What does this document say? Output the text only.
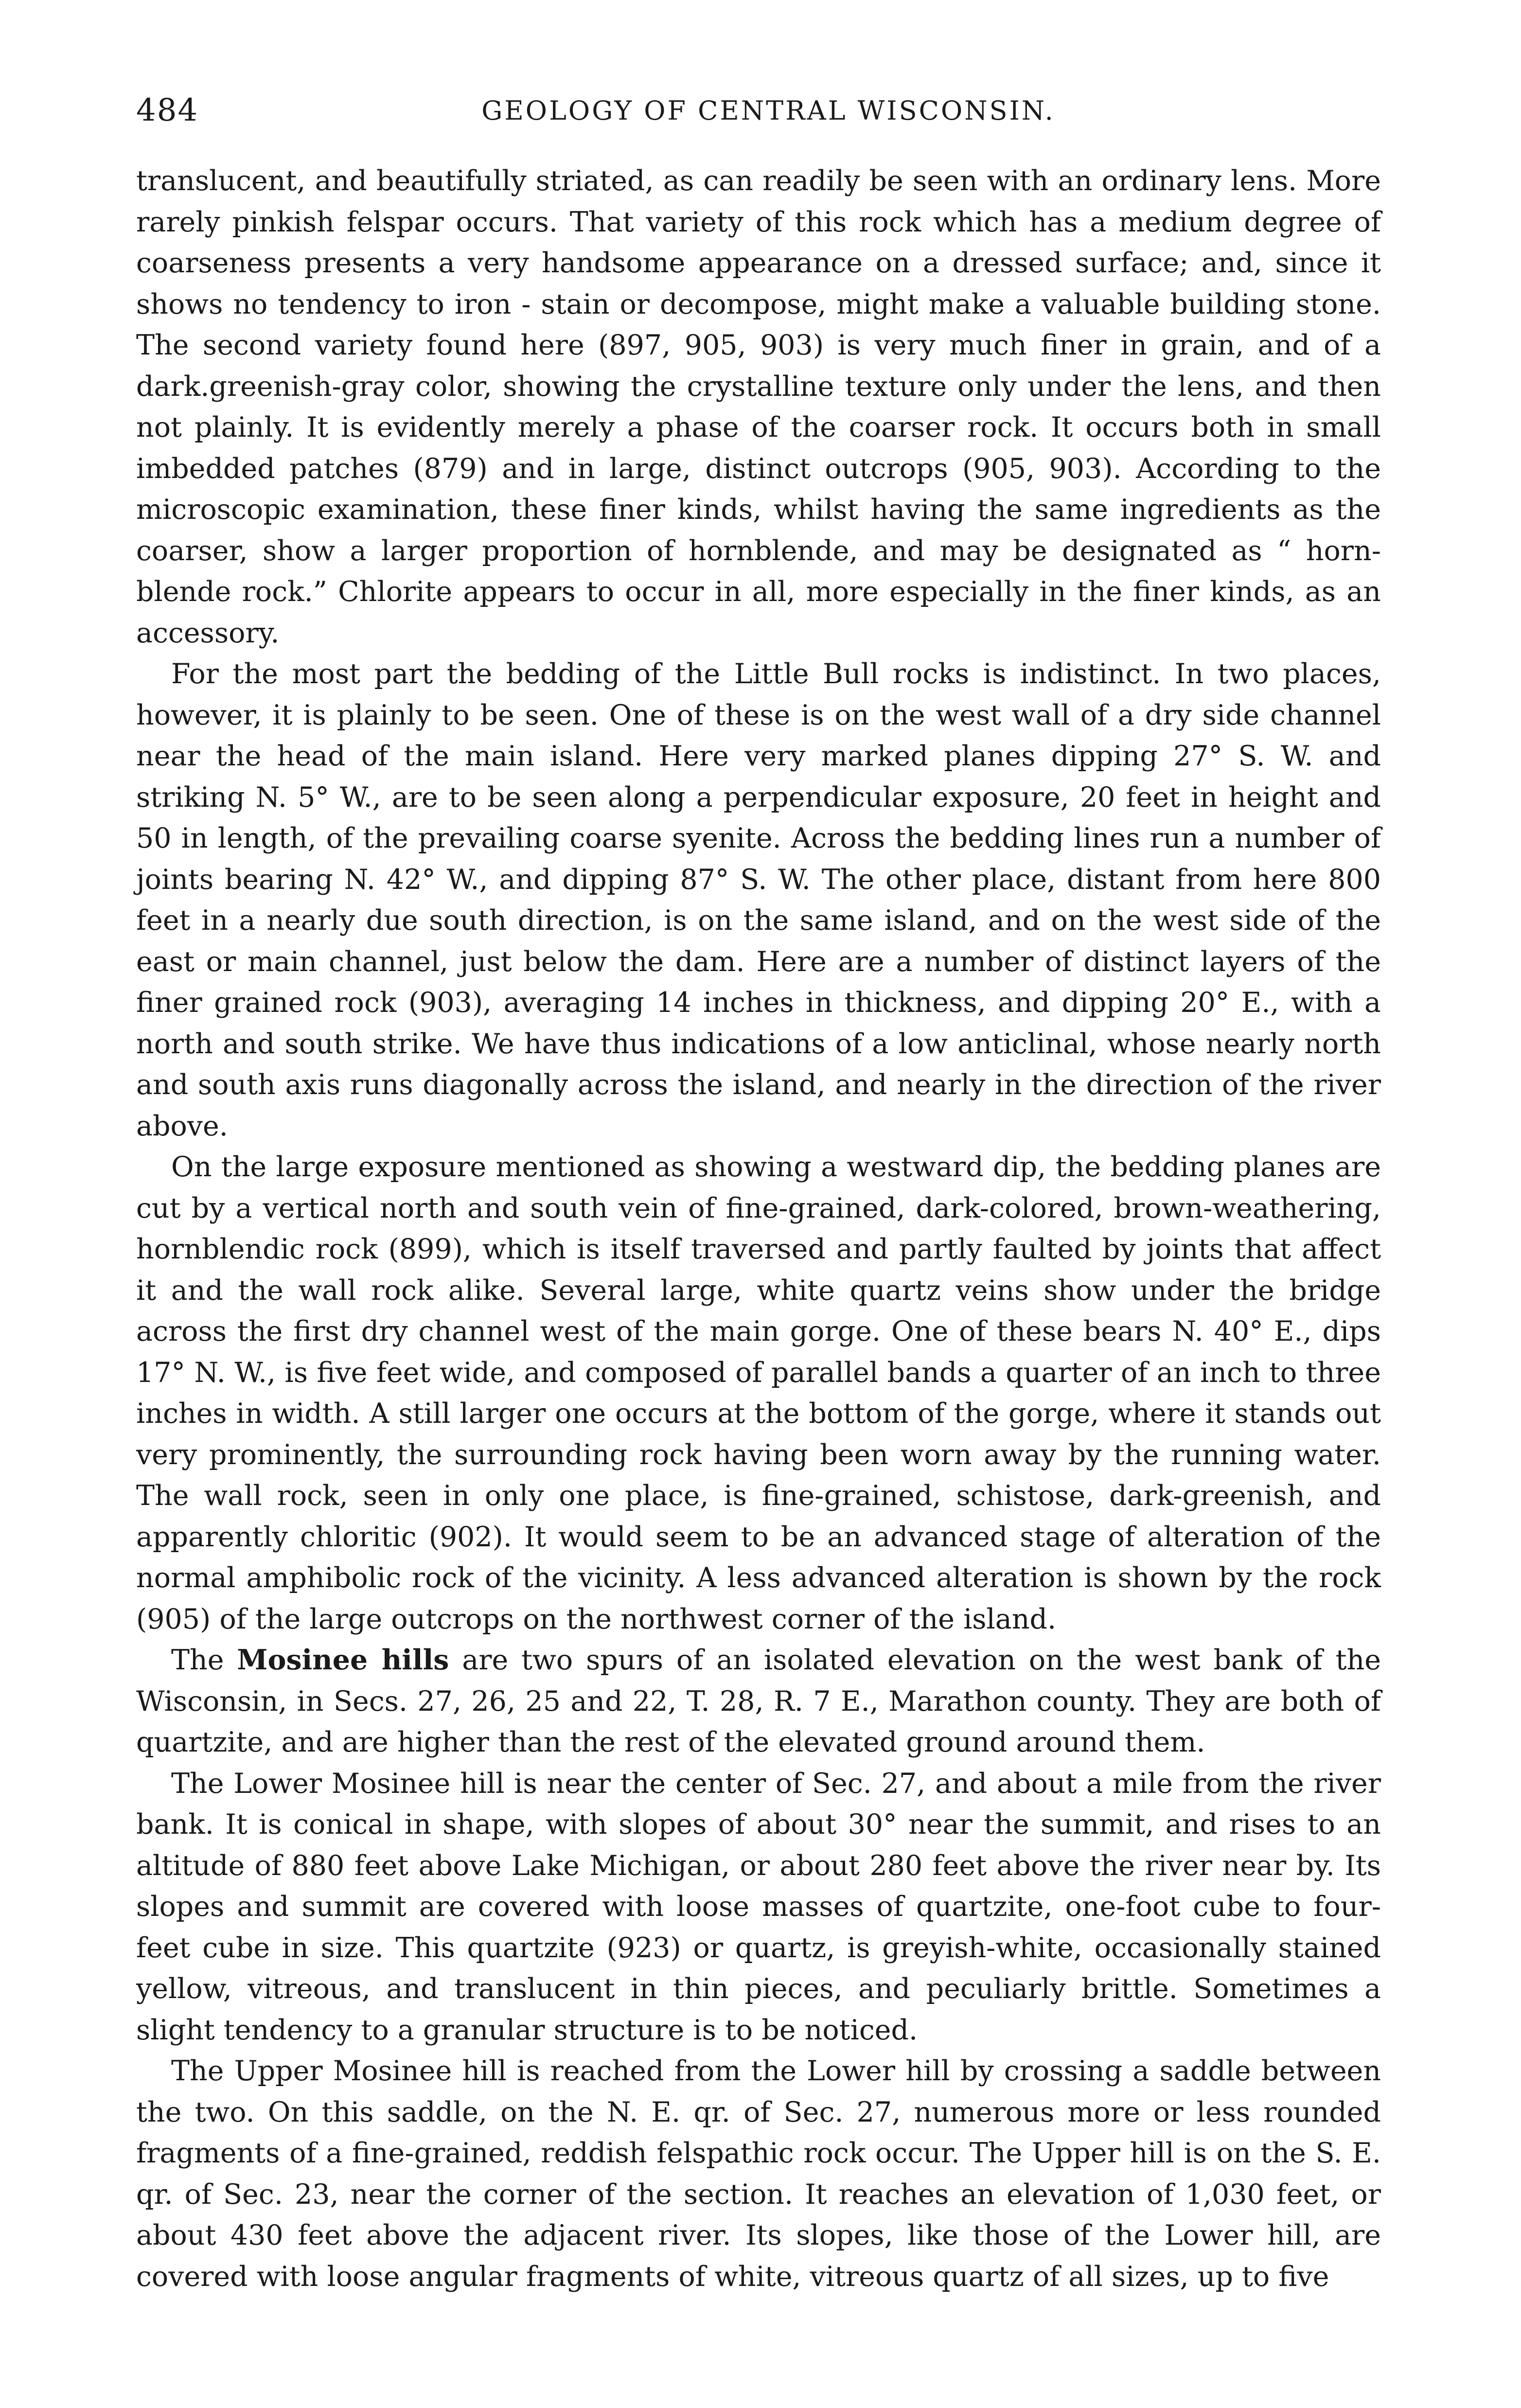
484	GEOLOGY OF CENTRAL WISCONSIN.

translucent, and beautifully striated, as can readily be seen with an ordinary lens. More rarely pinkish felspar occurs. That variety of this rock which has a medium degree of coarseness presents a very handsome appearance on a dressed surface; and, since it shows no tendency to iron - stain or decompose, might make a valuable building stone. The second variety found here (897, 905, 903) is very much finer in grain, and of a dark.greenish-gray color, showing the crystalline texture only under the lens, and then not plainly. It is evidently merely a phase of the coarser rock. It occurs both in small imbedded patches (879) and in large, distinct outcrops (905, 903). According to the microscopic examination, these finer kinds, whilst having the same ingredients as the coarser, show a larger proportion of hornblende, and may be designated as “ horn-blende rock.” Chlorite appears to occur in all, more especially in the finer kinds, as an accessory.

For the most part the bedding of the Little Bull rocks is indistinct. In two places, however, it is plainly to be seen. One of these is on the west wall of a dry side channel near the head of the main island. Here very marked planes dipping 27° S. W. and striking N. 5° W., are to be seen along a perpendicular exposure, 20 feet in height and 50 in length, of the prevailing coarse syenite. Across the bedding lines run a number of joints bearing N. 42° W., and dipping 87° S. W. The other place, distant from here 800 feet in a nearly due south direction, is on the same island, and on the west side of the east or main channel, just below the dam. Here are a number of distinct layers of the finer grained rock (903), averaging 14 inches in thickness, and dipping 20° E., with a north and south strike. We have thus indications of a low anticlinal, whose nearly north and south axis runs diagonally across the island, and nearly in the direction of the river above.

On the large exposure mentioned as showing a westward dip, the bedding planes are cut by a vertical north and south vein of fine-grained, dark-colored, brown-weathering, hornblendic rock (899), which is itself traversed and partly faulted by joints that affect it and the wall rock alike. Several large, white quartz veins show under the bridge across the first dry channel west of the main gorge. One of these bears N. 40° E., dips 17° N. W., is five feet wide, and composed of parallel bands a quarter of an inch to three inches in width. A still larger one occurs at the bottom of the gorge, where it stands out very prominently, the surrounding rock having been worn away by the running water. The wall rock, seen in only one place, is fine-grained, schistose, dark-greenish, and apparently chloritic (902). It would seem to be an advanced stage of alteration of the normal amphibolic rock of the vicinity. A less advanced alteration is shown by the rock (905) of the large outcrops on the northwest corner of the island.

The Mosinee hills are two spurs of an isolated elevation on the west bank of the Wisconsin, in Secs. 27, 26, 25 and 22, T. 28, R. 7 E., Marathon county. They are both of quartzite, and are higher than the rest of the elevated ground around them.

The Lower Mosinee hill is near the center of Sec. 27, and about a mile from the river bank. It is conical in shape, with slopes of about 30° near the summit, and rises to an altitude of 880 feet above Lake Michigan, or about 280 feet above the river near by. Its slopes and summit are covered with loose masses of quartzite, one-foot cube to four-feet cube in size. This quartzite (923) or quartz, is greyish-white, occasionally stained yellow, vitreous, and translucent in thin pieces, and peculiarly brittle. Sometimes a slight tendency to a granular structure is to be noticed.

The Upper Mosinee hill is reached from the Lower hill by crossing a saddle between the two. On this saddle, on the N. E. qr. of Sec. 27, numerous more or less rounded fragments of a fine-grained, reddish felspathic rock occur. The Upper hill is on the S. E. qr. of Sec. 23, near the corner of the section. It reaches an elevation of 1,030 feet, or about 430 feet above the adjacent river. Its slopes, like those of the Lower hill, are covered with loose angular fragments of white, vitreous quartz of all sizes, up to five
